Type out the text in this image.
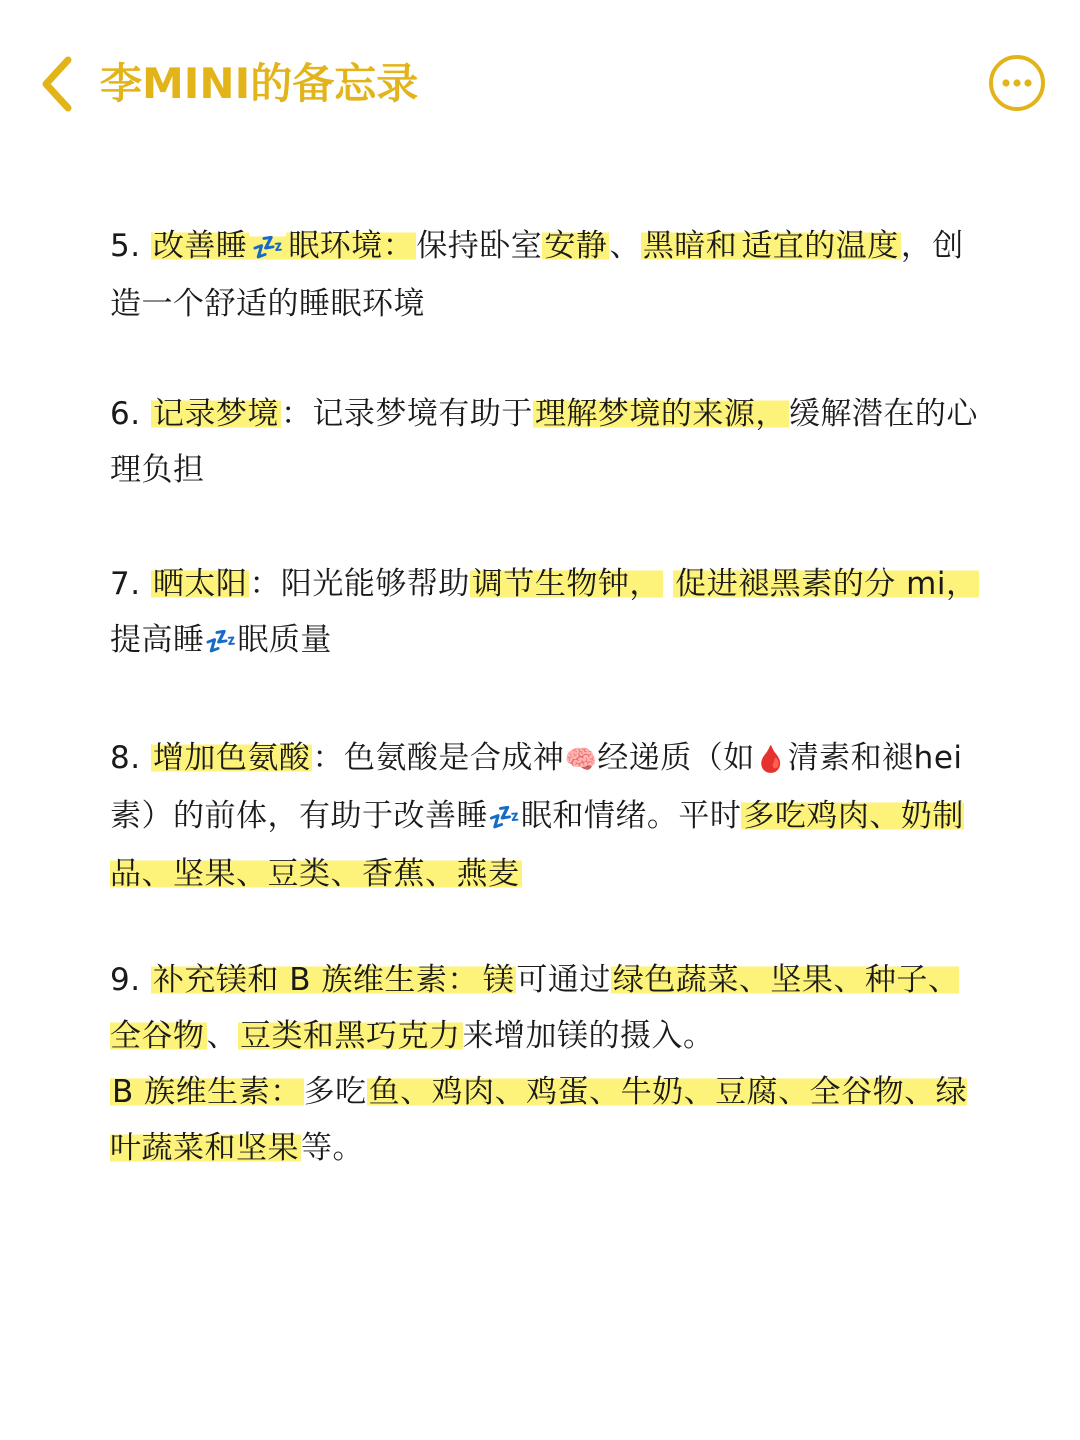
李MINI的备忘录
5. 改善睡 💤 眠环境：保持卧室安静、黑暗和 适宜的温度，创造一个舒适的睡眠环境
6. 记录梦境：记录梦境有助于理解梦境的来源，缓解潜在的心理负担
7. 晒太阳：阳光能够帮助调节生物钟， 促进褪黑素的分 mi，提高睡💤眠质量
8. 增加色氨酸：色氨酸是合成神🧠经递质（如🩸清素和褪hei 素）的前体，有助于改善睡💤眠和情绪。平时多吃鸡肉、奶制品、坚果、豆类、香蕉、燕麦
9. 补充镁和 B 族维生素： 镁可通过绿色蔬菜、坚果、种子、全谷物、豆类和黑巧克力来增加镁的摄入。
B 族维生素：多吃鱼、鸡肉、鸡蛋、牛奶、豆腐、全谷物、绿叶蔬菜和坚果等。
